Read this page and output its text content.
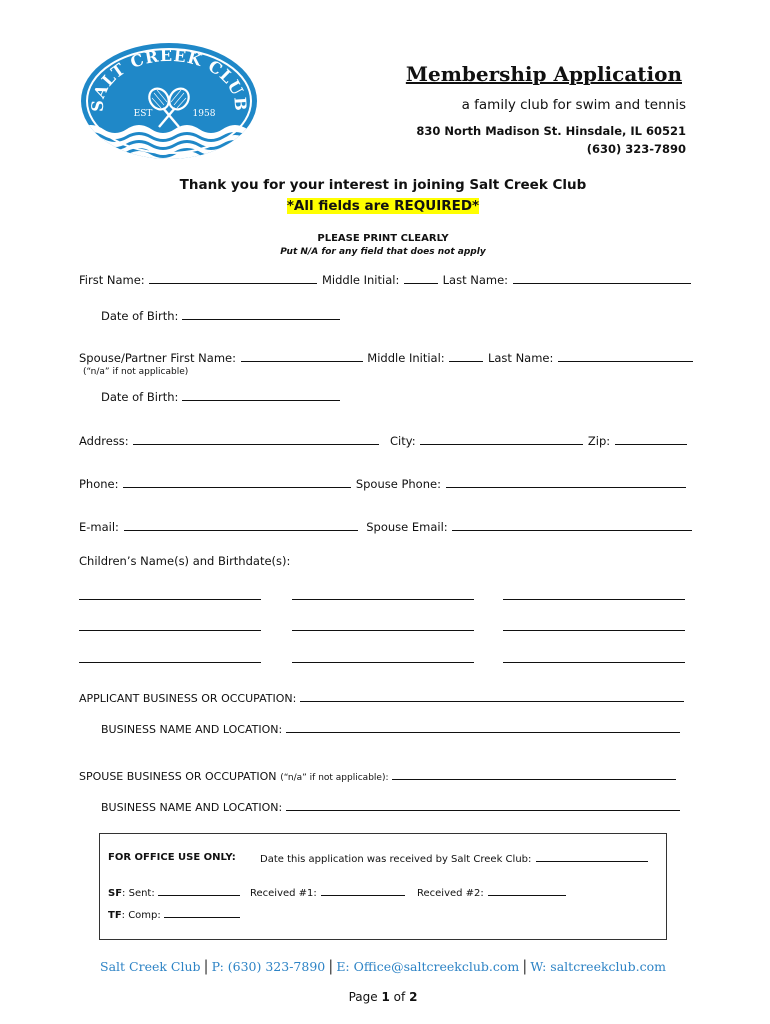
SALT CREEK CLUB
EST	1958
Membership Application
a family club for swim and tennis
830 North Madison St. Hinsdale, IL 60521
(630) 323-7890
Thank you for your interest in joining Salt Creek Club
*All fields are REQUIRED*
PLEASE PRINT CLEARLY
Put N/A for any field that does not apply
First Name:	Middle Initial:	Last Name:
Date of Birth:
Spouse/Partner First Name:	Middle Initial:	Last Name:
(“n/a” if not applicable)
Date of Birth:
Address:	City:	Zip:
Phone:	Spouse Phone:
E-mail:	Spouse Email:
Children’s Name(s) and Birthdate(s):
APPLICANT BUSINESS OR OCCUPATION:
BUSINESS NAME AND LOCATION:
SPOUSE BUSINESS OR OCCUPATION (“n/a” if not applicable):
BUSINESS NAME AND LOCATION:
FOR OFFICE USE ONLY: Date this application was received by Salt Creek Club:
SF: Sent:	Received #1:	Received #2:
TF: Comp:
Salt Creek Club | P: (630) 323-7890 | E: Office@saltcreekclub.com | W: saltcreekclub.com
Page 1 of 2
